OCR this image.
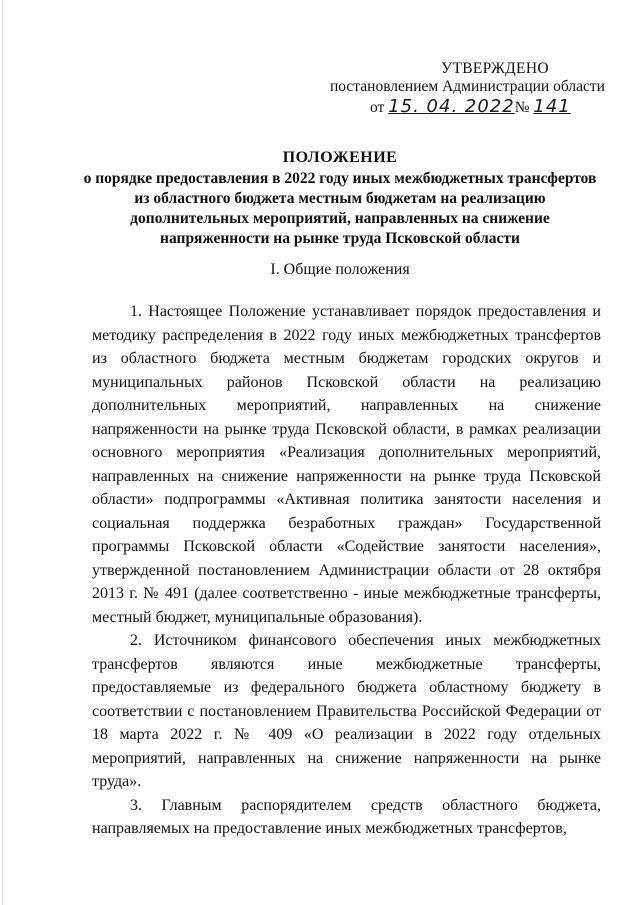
УТВЕРЖДЕНО
постановлением Администрации области
от 15. 04. 2022№ 141
ПОЛОЖЕНИЕ
о порядке предоставления в 2022 году иных межбюджетных трансфертов
из областного бюджета местным бюджетам на реализацию
дополнительных мероприятий, направленных на снижение
напряженности на рынке труда Псковской области
I. Общие положения

1. Настоящее Положение устанавливает порядок предоставления и методику распределения в 2022 году иных межбюджетных трансфертов из областного бюджета местным бюджетам городских округов и муниципальных районов Псковской области на реализацию дополнительных мероприятий, направленных на снижение напряженности на рынке труда Псковской области, в рамках реализации основного мероприятия «Реализация дополнительных мероприятий, направленных на снижение напряженности на рынке труда Псковской области» подпрограммы «Активная политика занятости населения и социальная поддержка безработных граждан» Государственной программы Псковской области «Содействие занятости населения», утвержденной постановлением Администрации области от 28 октября 2013 г. № 491 (далее соответственно - иные межбюджетные трансферты, местный бюджет, муниципальные образования).

2. Источником финансового обеспечения иных межбюджетных трансфертов являются иные межбюджетные трансферты, предоставляемые из федерального бюджета областному бюджету в соответствии с постановлением Правительства Российской Федерации от 18 марта 2022 г. № 409 «О реализации в 2022 году отдельных мероприятий, направленных на снижение напряженности на рынке труда».

3. Главным распорядителем средств областного бюджета, направляемых на предоставление иных межбюджетных трансфертов,
